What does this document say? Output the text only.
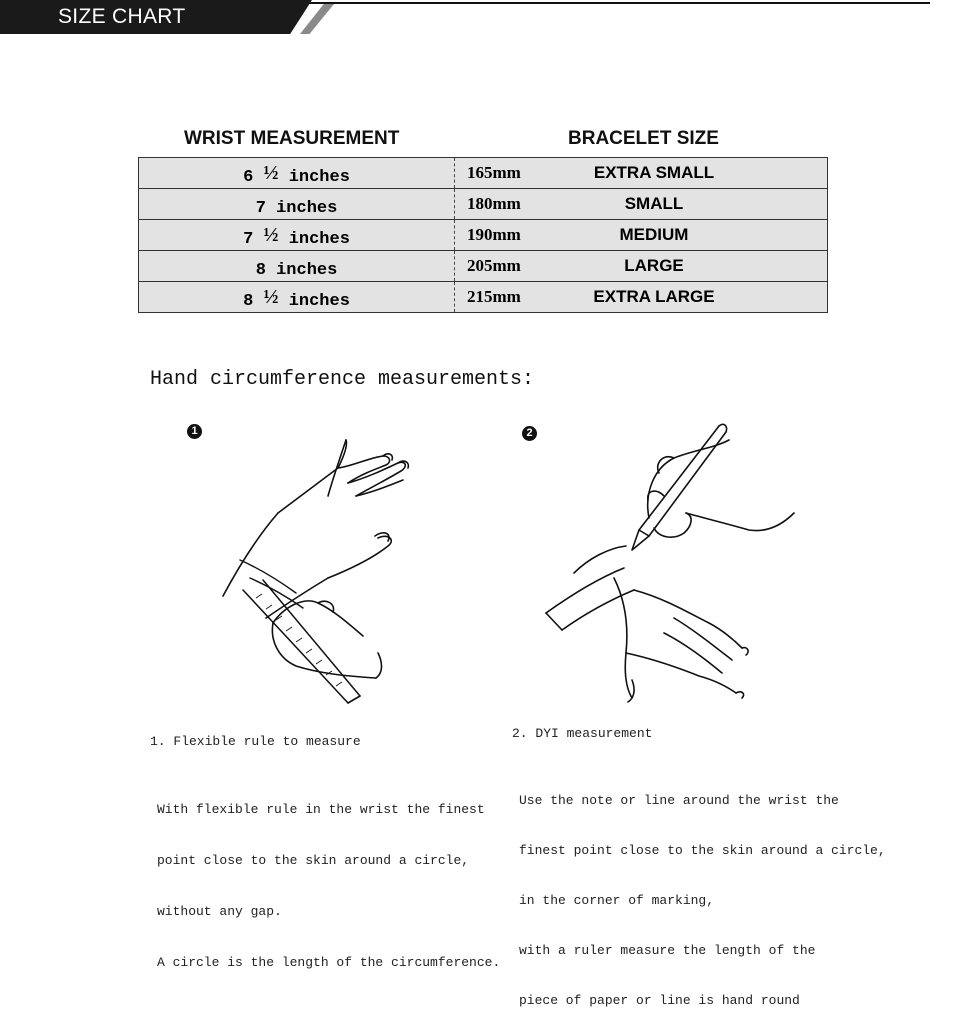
SIZE CHART
WRIST MEASUREMENT	BRACELET SIZE
6 ½ inches	165mm	EXTRA SMALL
7 inches	180mm	SMALL
7 ½ inches	190mm	MEDIUM
8 inches	205mm	LARGE
8 ½ inches	215mm	EXTRA LARGE
Hand circumference measurements:
1
1. Flexible rule to measure

With flexible rule in the wrist the finest

point close to the skin around a circle,

without any gap.

A circle is the length of the circumference.

2
2. DYI measurement

Use the note or line around the wrist the

finest point close to the skin around a circle,

in the corner of marking,

with a ruler measure the length of the

piece of paper or line is hand round
